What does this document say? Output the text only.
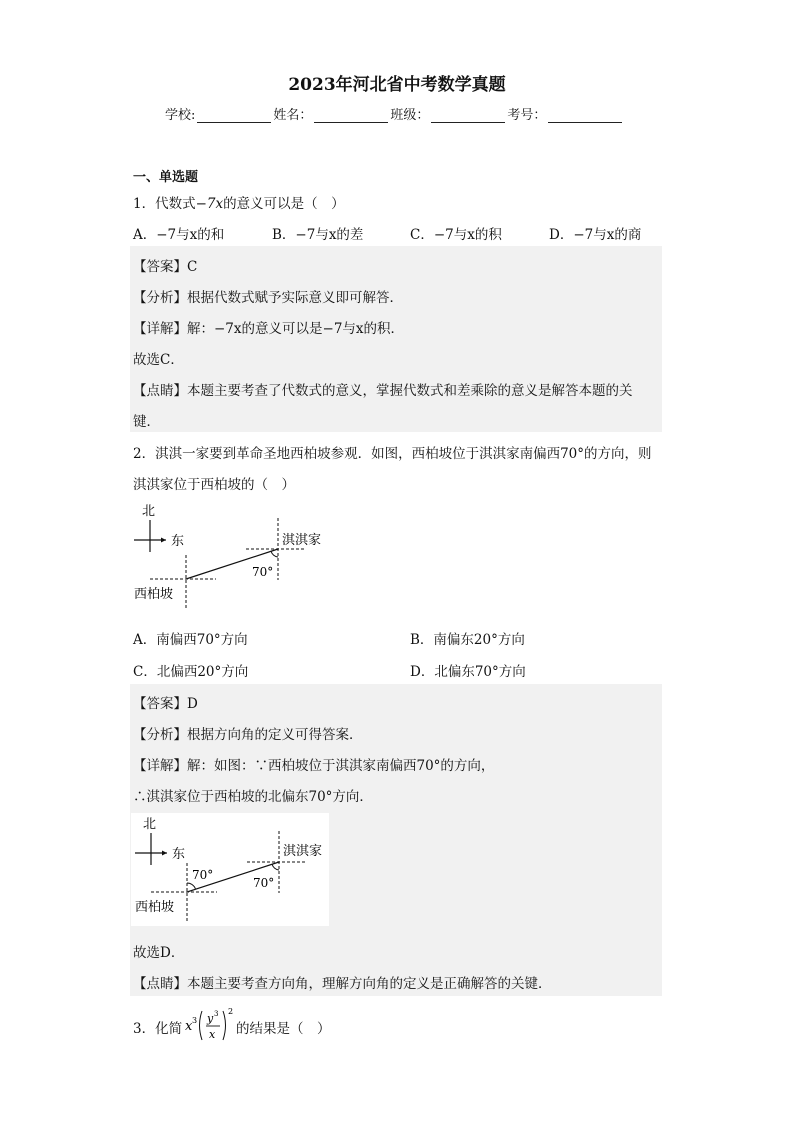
2023年河北省中考数学真题
学校:	姓名：	班级：	考号：
一、单选题
1．代数式−7x的意义可以是（　）
A．−7与x的和	B．−7与x的差	C．−7与x的积	D．−7与x的商
【答案】C
【分析】根据代数式赋予实际意义即可解答．
【详解】解：−7x的意义可以是−7与x的积．
故选C．
【点睛】本题主要考查了代数式的意义，掌握代数式和差乘除的意义是解答本题的关
键．
2．淇淇一家要到革命圣地西柏坡参观．如图，西柏坡位于淇淇家南偏西70°的方向，则
淇淇家位于西柏坡的（　）
北
东	淇淇家
70°
西柏坡
A．南偏西70°方向	B．南偏东20°方向
C．北偏西20°方向	D．北偏东70°方向
【答案】D
【分析】根据方向角的定义可得答案．
【详解】解：如图：∵西柏坡位于淇淇家南偏西70°的方向，
∴淇淇家位于西柏坡的北偏东70°方向．
北
东	淇淇家
70°
70°
西柏坡
故选D．
【点睛】本题主要考查方向角，理解方向角的定义是正确解答的关键．
3．化简 x 3 y 3
x
2
的结果是（　）
